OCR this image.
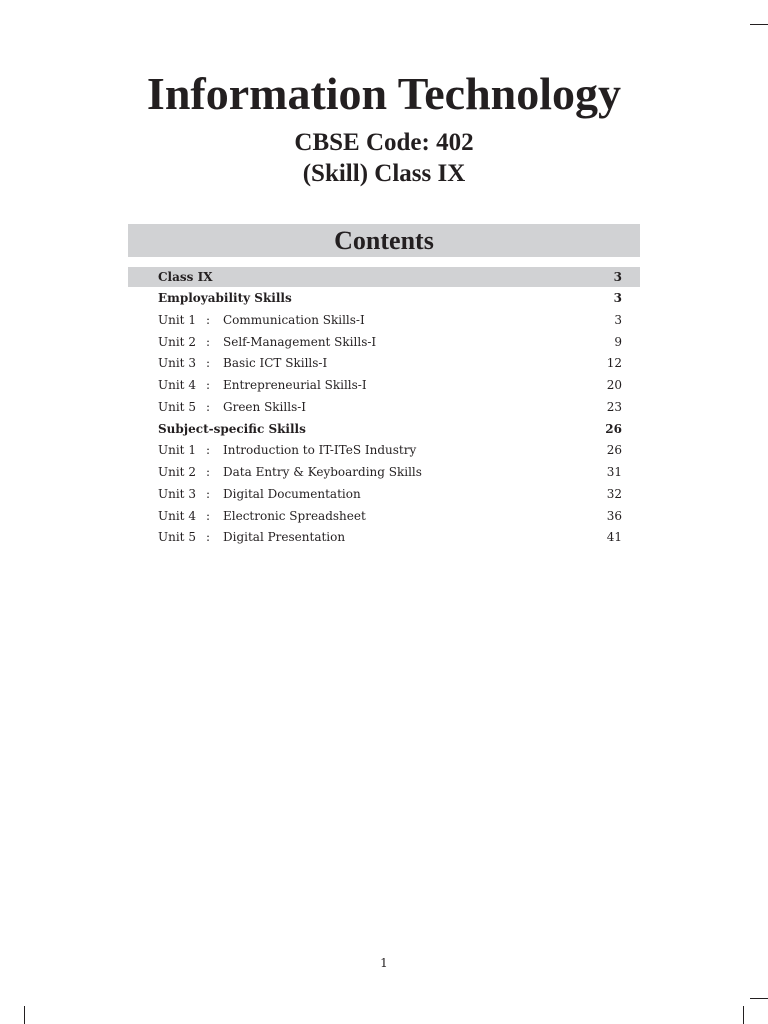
Information Technology
CBSE Code: 402
(Skill) Class IX
Contents
Class IX	3
Employability Skills	3
Unit 1 : Communication Skills-I	3
Unit 2 : Self-Management Skills-I	9
Unit 3 : Basic ICT Skills-I	12
Unit 4 : Entrepreneurial Skills-I	20
Unit 5 : Green Skills-I	23
Subject-specific Skills	26
Unit 1 : Introduction to IT-ITeS Industry	26
Unit 2 : Data Entry & Keyboarding Skills	31
Unit 3 : Digital Documentation	32
Unit 4 : Electronic Spreadsheet	36
Unit 5 : Digital Presentation	41
1
